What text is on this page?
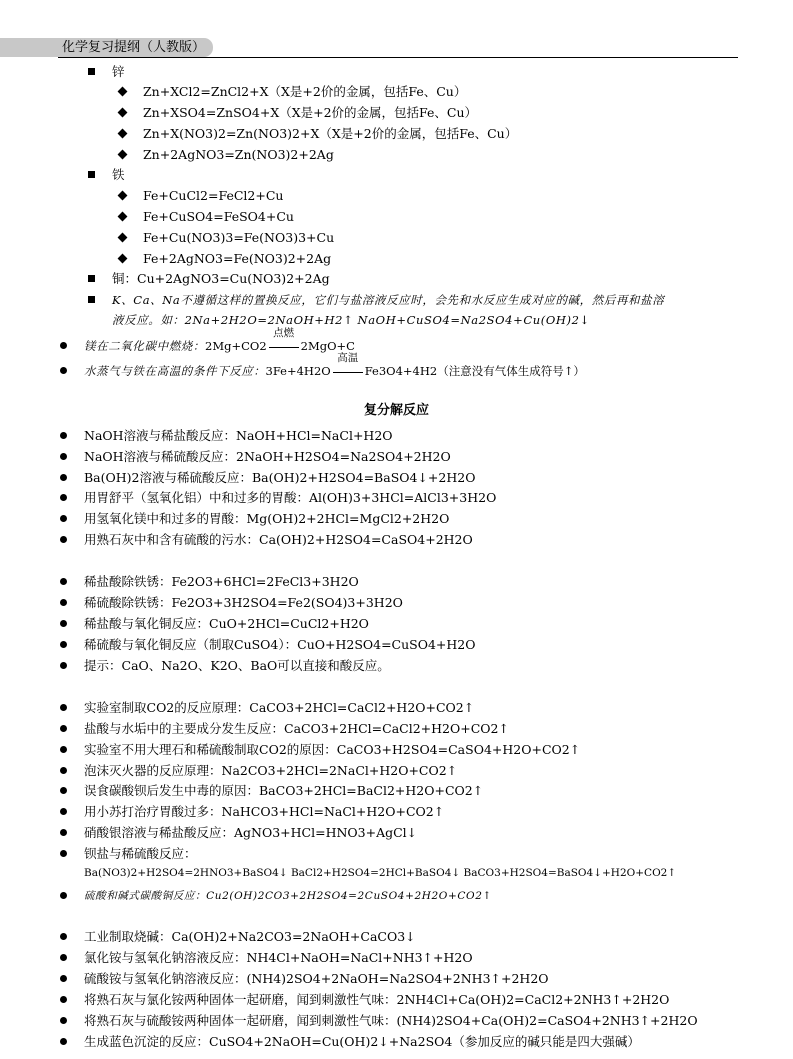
化学复习提纲（人教版）
锌
Zn+XCl2=ZnCl2+X（X是+2价的金属，包括Fe、Cu）
Zn+XSO4=ZnSO4+X（X是+2价的金属，包括Fe、Cu）
Zn+X(NO3)2=Zn(NO3)2+X（X是+2价的金属，包括Fe、Cu）
Zn+2AgNO3=Zn(NO3)2+2Ag
铁
Fe+CuCl2=FeCl2+Cu
Fe+CuSO4=FeSO4+Cu
Fe+Cu(NO3)3=Fe(NO3)3+Cu
Fe+2AgNO3=Fe(NO3)2+2Ag
铜：Cu+2AgNO3=Cu(NO3)2+2Ag
K、Ca、Na不遵循这样的置换反应，它们与盐溶液反应时，会先和水反应生成对应的碱，然后再和盐溶
液反应。如：2Na+2H2O=2NaOH+H2↑ NaOH+CuSO4=Na2SO4+Cu(OH)2↓
镁在二氧化碳中燃烧：2Mg+CO2
点燃
2MgO+C
水蒸气与铁在高温的条件下反应：3Fe+4H2O
高温
Fe3O4+4H2（注意没有气体生成符号↑）
复分解反应
NaOH溶液与稀盐酸反应：NaOH+HCl=NaCl+H2O
NaOH溶液与稀硫酸反应：2NaOH+H2SO4=Na2SO4+2H2O
Ba(OH)2溶液与稀硫酸反应：Ba(OH)2+H2SO4=BaSO4↓+2H2O
用胃舒平（氢氧化铝）中和过多的胃酸：Al(OH)3+3HCl=AlCl3+3H2O
用氢氧化镁中和过多的胃酸：Mg(OH)2+2HCl=MgCl2+2H2O
用熟石灰中和含有硫酸的污水：Ca(OH)2+H2SO4=CaSO4+2H2O
稀盐酸除铁锈：Fe2O3+6HCl=2FeCl3+3H2O
稀硫酸除铁锈：Fe2O3+3H2SO4=Fe2(SO4)3+3H2O
稀盐酸与氧化铜反应：CuO+2HCl=CuCl2+H2O
稀硫酸与氧化铜反应（制取CuSO4）：CuO+H2SO4=CuSO4+H2O
提示：CaO、Na2O、K2O、BaO可以直接和酸反应。
实验室制取CO2的反应原理：CaCO3+2HCl=CaCl2+H2O+CO2↑
盐酸与水垢中的主要成分发生反应：CaCO3+2HCl=CaCl2+H2O+CO2↑
实验室不用大理石和稀硫酸制取CO2的原因：CaCO3+H2SO4=CaSO4+H2O+CO2↑
泡沫灭火器的反应原理：Na2CO3+2HCl=2NaCl+H2O+CO2↑
误食碳酸钡后发生中毒的原因：BaCO3+2HCl=BaCl2+H2O+CO2↑
用小苏打治疗胃酸过多：NaHCO3+HCl=NaCl+H2O+CO2↑
硝酸银溶液与稀盐酸反应：AgNO3+HCl=HNO3+AgCl↓
钡盐与稀硫酸反应：
Ba(NO3)2+H2SO4=2HNO3+BaSO4↓ BaCl2+H2SO4=2HCl+BaSO4↓ BaCO3+H2SO4=BaSO4↓+H2O+CO2↑
硫酸和碱式碳酸铜反应：Cu2(OH)2CO3+2H2SO4=2CuSO4+2H2O+CO2↑
工业制取烧碱：Ca(OH)2+Na2CO3=2NaOH+CaCO3↓
氯化铵与氢氧化钠溶液反应：NH4Cl+NaOH=NaCl+NH3↑+H2O
硫酸铵与氢氧化钠溶液反应：(NH4)2SO4+2NaOH=Na2SO4+2NH3↑+2H2O
将熟石灰与氯化铵两种固体一起研磨，闻到刺激性气味：2NH4Cl+Ca(OH)2=CaCl2+2NH3↑+2H2O
将熟石灰与硫酸铵两种固体一起研磨，闻到刺激性气味：(NH4)2SO4+Ca(OH)2=CaSO4+2NH3↑+2H2O
生成蓝色沉淀的反应：CuSO4+2NaOH=Cu(OH)2↓+Na2SO4（参加反应的碱只能是四大强碱）
